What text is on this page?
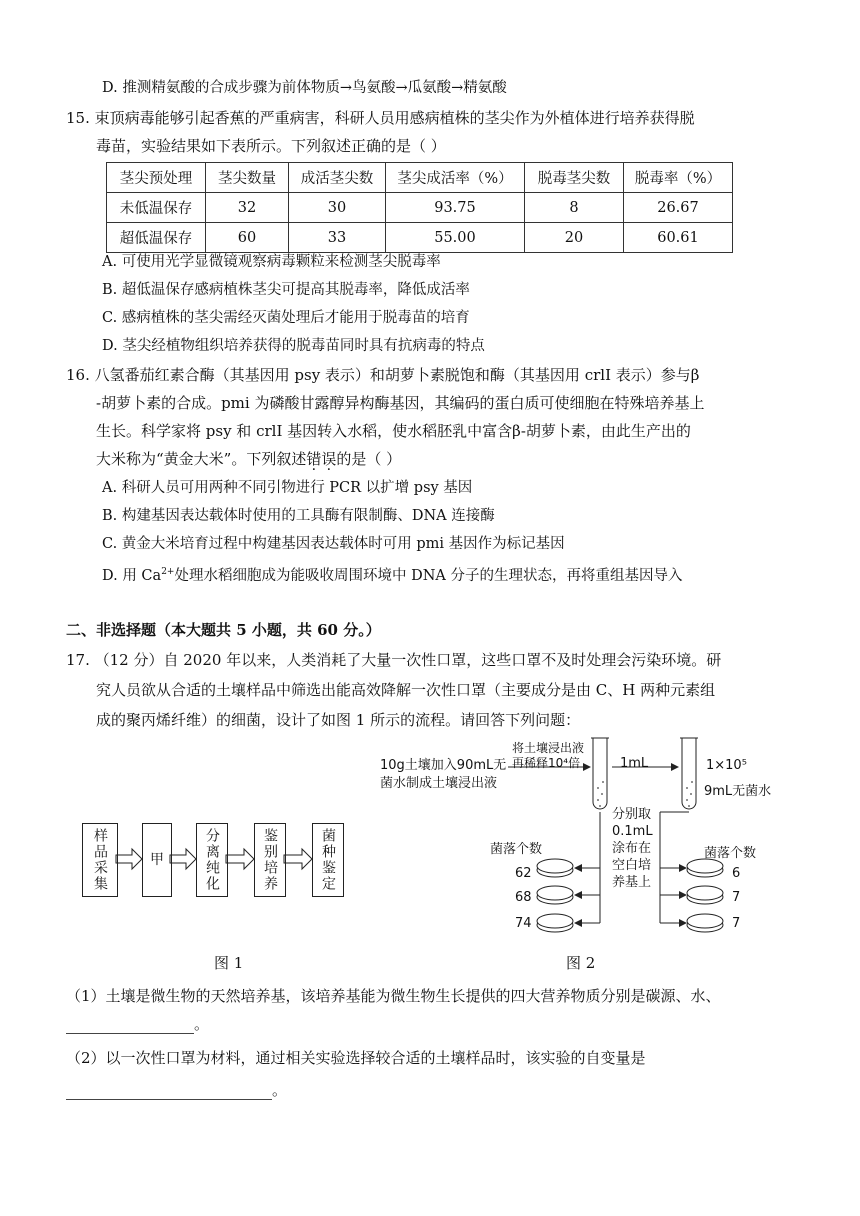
D. 推测精氨酸的合成步骤为前体物质→鸟氨酸→瓜氨酸→精氨酸
15. 束顶病毒能够引起香蕉的严重病害，科研人员用感病植株的茎尖作为外植体进行培养获得脱
毒苗，实验结果如下表所示。下列叙述正确的是（ ）
茎尖预处理	茎尖数量	成活茎尖数	茎尖成活率（%）	脱毒茎尖数	脱毒率（%）
未低温保存	32	30	93.75	8	26.67
超低温保存	60	33	55.00	20	60.61
A. 可使用光学显微镜观察病毒颗粒来检测茎尖脱毒率
B. 超低温保存感病植株茎尖可提高其脱毒率，降低成活率
C. 感病植株的茎尖需经灭菌处理后才能用于脱毒苗的培育
D. 茎尖经植物组织培养获得的脱毒苗同时具有抗病毒的特点
16. 八氢番茄红素合酶（其基因用 psy 表示）和胡萝卜素脱饱和酶（其基因用 crlI 表示）参与β
-胡萝卜素的合成。pmi 为磷酸甘露醇异构酶基因，其编码的蛋白质可使细胞在特殊培养基上
生长。科学家将 psy 和 crlI 基因转入水稻，使水稻胚乳中富含β-胡萝卜素，由此生产出的
大米称为“黄金大米”。下列叙述错误的是（ ）
A. 科研人员可用两种不同引物进行 PCR 以扩增 psy 基因
B. 构建基因表达载体时使用的工具酶有限制酶、DNA 连接酶
C. 黄金大米培育过程中构建基因表达载体时可用 pmi 基因作为标记基因
D. 用 $Ca^{2+}$处理水稻细胞成为能吸收周围环境中 DNA 分子的生理状态，再将重组基因导入
二、非选择题（本大题共 5 小题，共 60 分。）
17. （12 分）自 2020 年以来，人类消耗了大量一次性口罩，这些口罩不及时处理会污染环境。研
究人员欲从合适的土壤样品中筛选出能高效降解一次性口罩（主要成分是由 C、H 两种元素组
成的聚丙烯纤维）的细菌，设计了如图 1 所示的流程。请回答下列问题：
样品采集	甲	分离纯化	鉴别培养	菌种鉴定
10g土壤加入90mL无
菌水制成土壤浸出液
将土壤浸出液
再稀释10⁴倍	1mL	1×10⁵
9mL无菌水
分别取
0.1mL
涂布在
空白培
养基上
菌落个数
62
68
74
菌落个数
6
7
7
图 1	图 2
（1）土壤是微生物的天然培养基，该培养基能为微生物生长提供的四大营养物质分别是碳源、水、
。
（2）以一次性口罩为材料，通过相关实验选择较合适的土壤样品时，该实验的自变量是
。
